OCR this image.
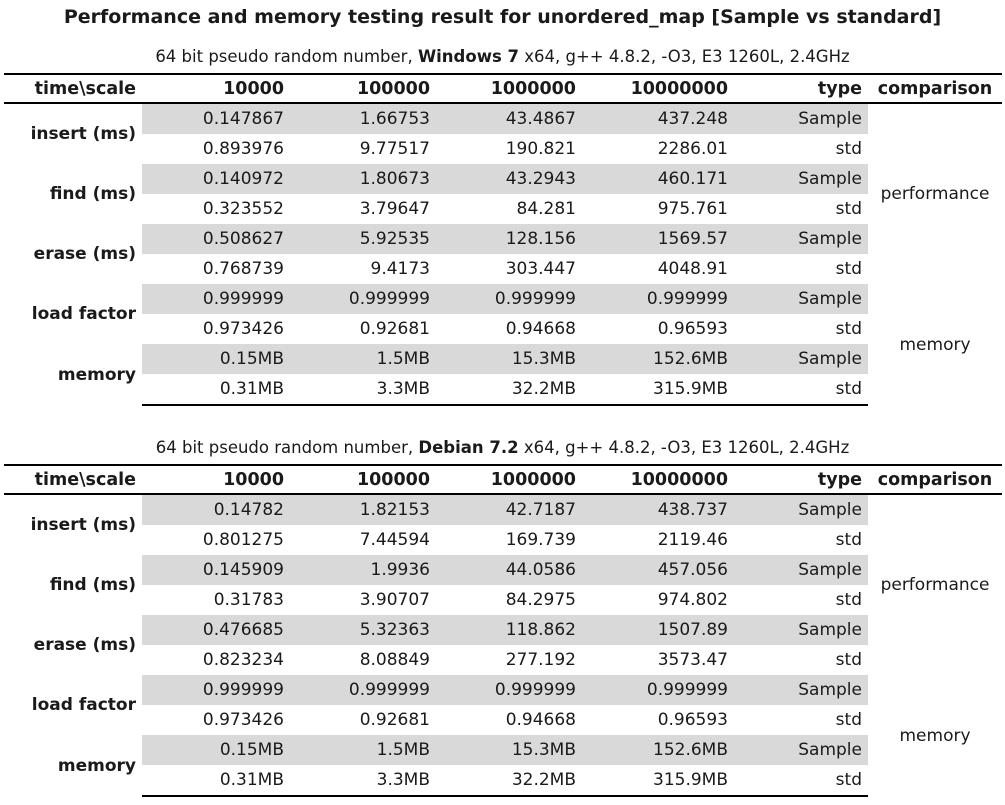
Performance and memory testing result for unordered_map [Sample vs standard]
64 bit pseudo random number, Windows 7 x64, g++ 4.8.2, -O3, E3 1260L, 2.4GHz
time\scale	10000	100000	1000000	10000000	type	comparison
insert (ms)	0.147867	1.66753	43.4867	437.248	Sample	performance
	0.893976	9.77517	190.821	2286.01	std	
find (ms)	0.140972	1.80673	43.2943	460.171	Sample	
	0.323552	3.79647	84.281	975.761	std	
erase (ms)	0.508627	5.92535	128.156	1569.57	Sample	
	0.768739	9.4173	303.447	4048.91	std	
load factor	0.999999	0.999999	0.999999	0.999999	Sample	memory
	0.973426	0.92681	0.94668	0.96593	std	
memory	0.15MB	1.5MB	15.3MB	152.6MB	Sample	
	0.31MB	3.3MB	32.2MB	315.9MB	std	
64 bit pseudo random number, Debian 7.2 x64, g++ 4.8.2, -O3, E3 1260L, 2.4GHz
time\scale	10000	100000	1000000	10000000	type	comparison
insert (ms)	0.14782	1.82153	42.7187	438.737	Sample	performance
	0.801275	7.44594	169.739	2119.46	std	
find (ms)	0.145909	1.9936	44.0586	457.056	Sample	
	0.31783	3.90707	84.2975	974.802	std	
erase (ms)	0.476685	5.32363	118.862	1507.89	Sample	
	0.823234	8.08849	277.192	3573.47	std	
load factor	0.999999	0.999999	0.999999	0.999999	Sample	memory
	0.973426	0.92681	0.94668	0.96593	std	
memory	0.15MB	1.5MB	15.3MB	152.6MB	Sample	
	0.31MB	3.3MB	32.2MB	315.9MB	std	
